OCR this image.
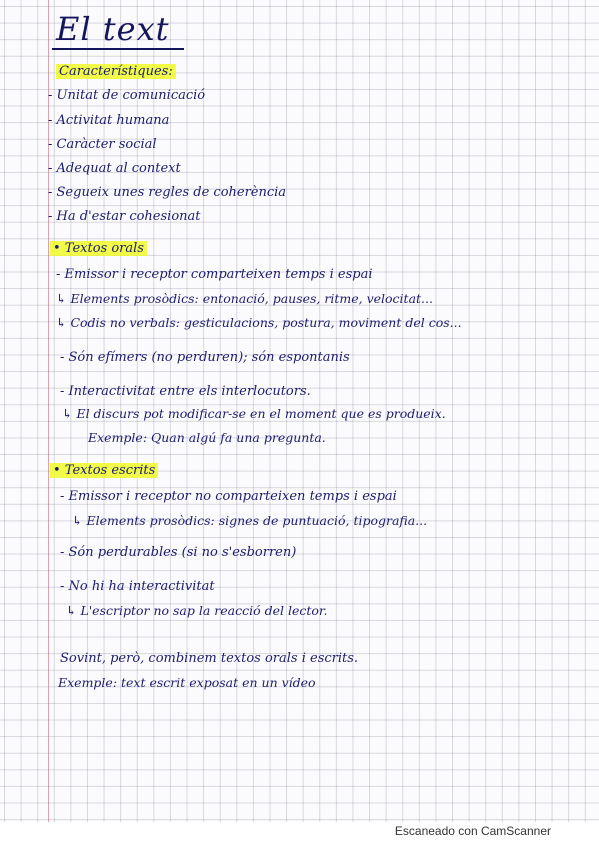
El text
Característiques:
- Unitat de comunicació
- Activitat humana
- Caràcter social
- Adequat al context
- Segueix unes regles de coherència
- Ha d'estar cohesionat
• Textos orals
- Emissor i receptor comparteixen temps i espai
↳ Elements prosòdics: entonació, pauses, ritme, velocitat...
↳ Codis no verbals: gesticulacions, postura, moviment del cos...
- Són efímers (no perduren); són espontanis
- Interactivitat entre els interlocutors.
↳ El discurs pot modificar-se en el moment que es produeix.
Exemple: Quan algú fa una pregunta.
• Textos escrits
- Emissor i receptor no comparteixen temps i espai
↳ Elements prosòdics: signes de puntuació, tipografia...
- Són perdurables (si no s'esborren)
- No hi ha interactivitat
↳ L'escriptor no sap la reacció del lector.
Sovint, però, combinem textos orals i escrits.
Exemple: text escrit exposat en un vídeo
Escaneado con CamScanner
